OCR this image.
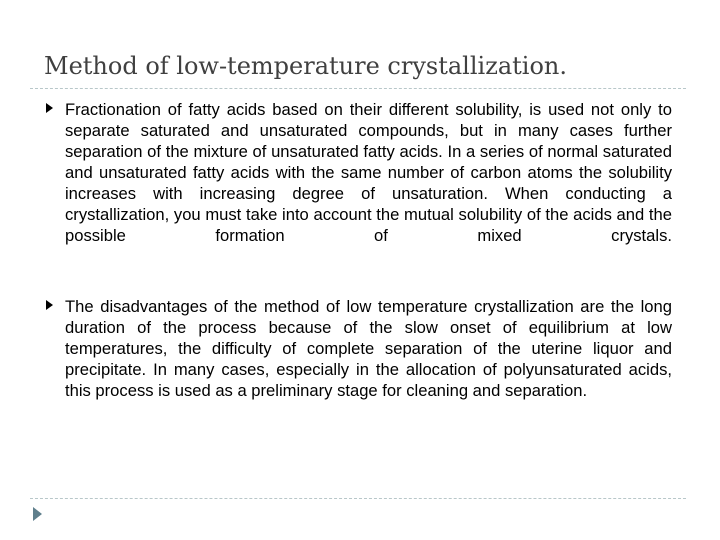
Method of low-temperature crystallization.

Fractionation of fatty acids based on their different solubility, is used not only to separate saturated and unsaturated compounds, but in many cases further separation of the mixture of unsaturated fatty acids. In a series of normal saturated and unsaturated fatty acids with the same number of carbon atoms the solubility increases with increasing degree of unsaturation. When conducting a crystallization, you must take into account the mutual solubility of the acids and the possible formation of mixed crystals.

The disadvantages of the method of low temperature crystallization are the long duration of the process because of the slow onset of equilibrium at low temperatures, the difficulty of complete separation of the uterine liquor and precipitate. In many cases, especially in the allocation of polyunsaturated acids, this process is used as a preliminary stage for cleaning and separation.
